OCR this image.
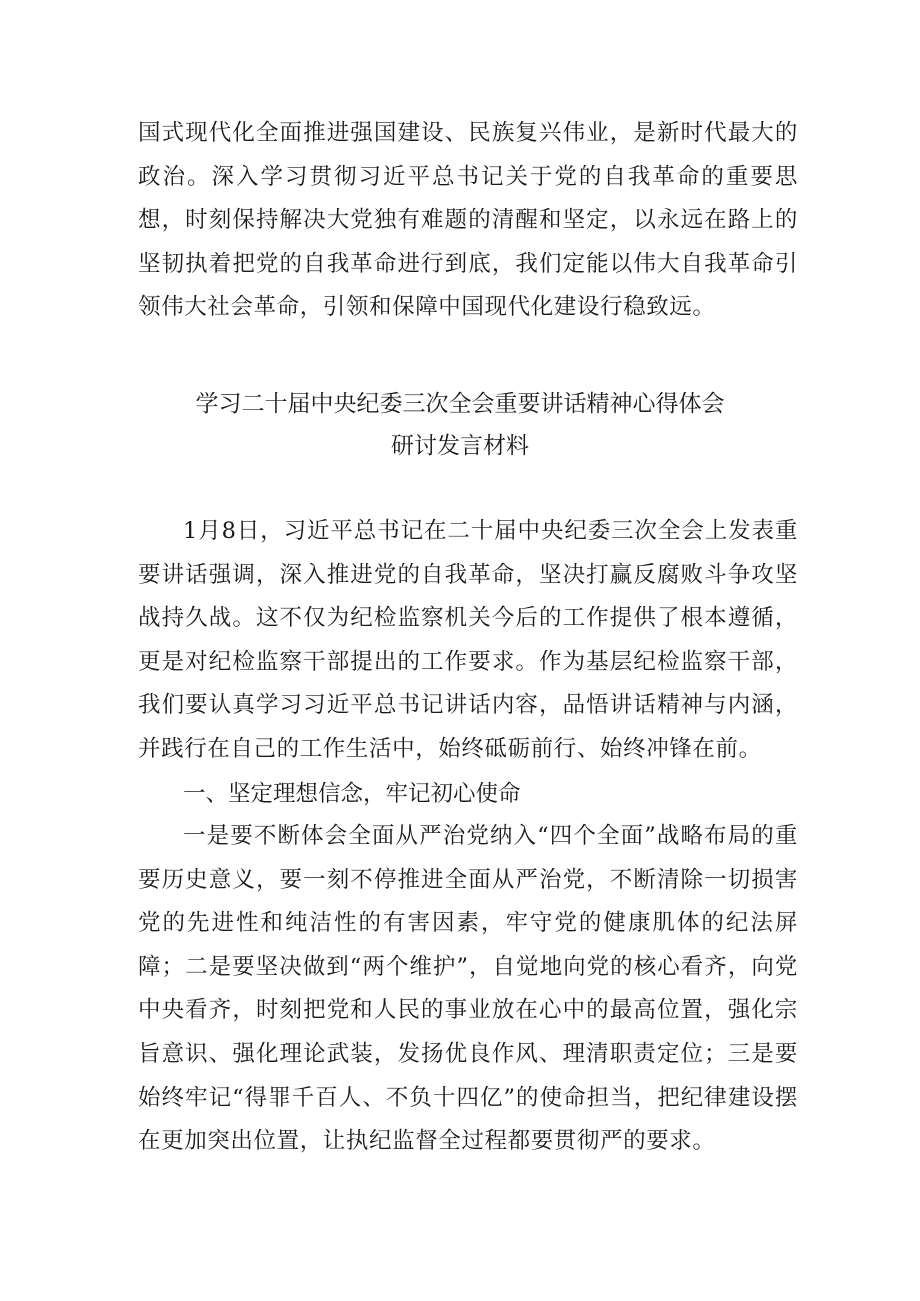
国式现代化全面推进强国建设、民族复兴伟业，是新时代最大的政治。深入学习贯彻习近平总书记关于党的自我革命的重要思想，时刻保持解决大党独有难题的清醒和坚定，以永远在路上的坚韧执着把党的自我革命进行到底，我们定能以伟大自我革命引领伟大社会革命，引领和保障中国现代化建设行稳致远。

学习二十届中央纪委三次全会重要讲话精神心得体会
研讨发言材料

1月8日，习近平总书记在二十届中央纪委三次全会上发表重要讲话强调，深入推进党的自我革命，坚决打赢反腐败斗争攻坚战持久战。这不仅为纪检监察机关今后的工作提供了根本遵循，更是对纪检监察干部提出的工作要求。作为基层纪检监察干部，我们要认真学习习近平总书记讲话内容，品悟讲话精神与内涵，并践行在自己的工作生活中，始终砥砺前行、始终冲锋在前。

一、坚定理想信念，牢记初心使命

一是要不断体会全面从严治党纳入“四个全面”战略布局的重要历史意义，要一刻不停推进全面从严治党，不断清除一切损害党的先进性和纯洁性的有害因素，牢守党的健康肌体的纪法屏障；二是要坚决做到“两个维护”，自觉地向党的核心看齐，向党中央看齐，时刻把党和人民的事业放在心中的最高位置，强化宗旨意识、强化理论武装，发扬优良作风、理清职责定位；三是要始终牢记“得罪千百人、不负十四亿”的使命担当，把纪律建设摆在更加突出位置，让执纪监督全过程都要贯彻严的要求。
